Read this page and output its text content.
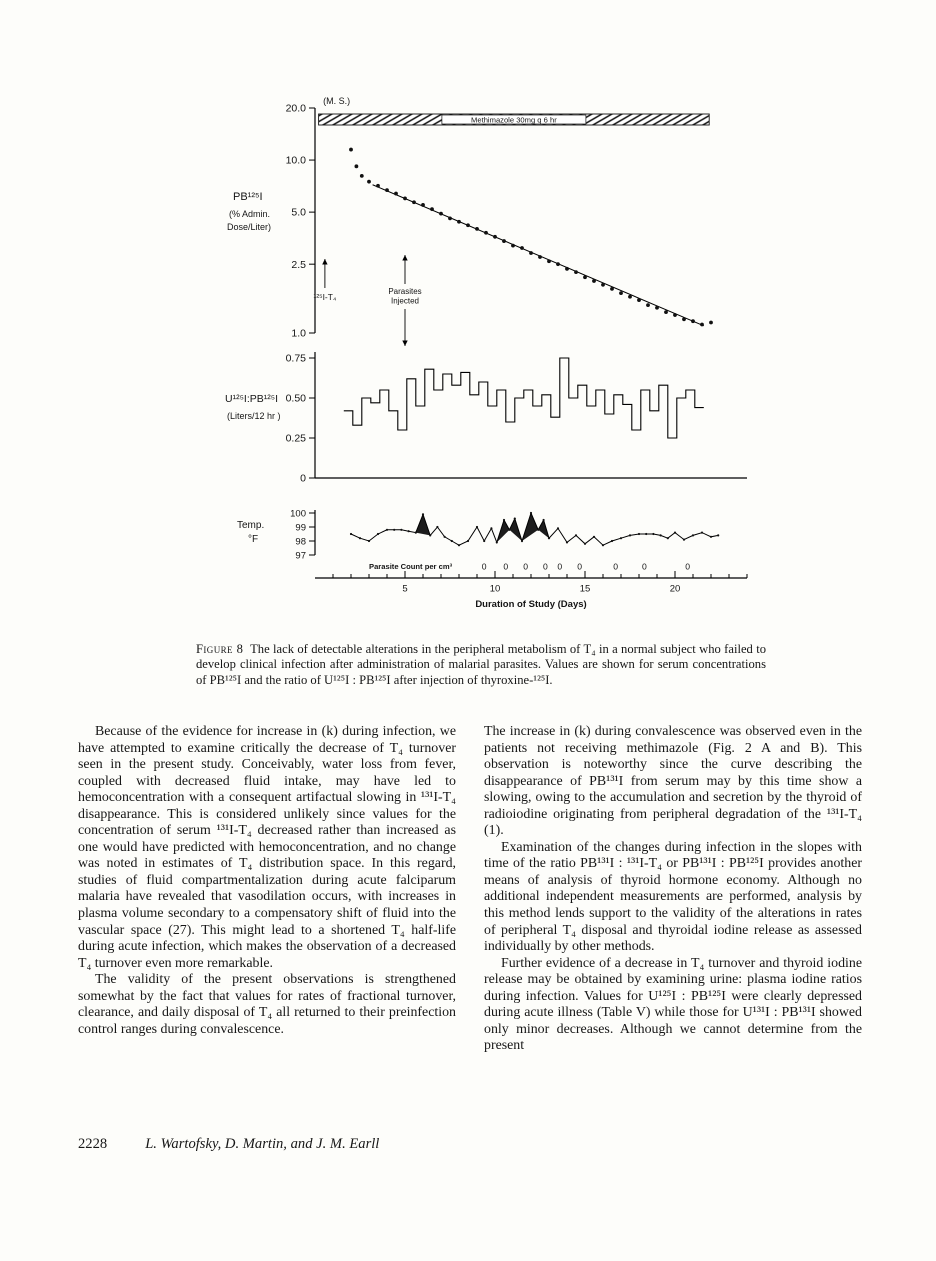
(M. S.)
Methimazole 30mg q 6 hr
20.0
10.0
5.0
2.5
1.0
PB¹²⁵I
(% Admin.
Dose/Liter)
¹²⁵I-T₄
Parasites
Injected
0.75
0.50
0.25
0
U¹²⁵I:PB¹²⁵I
(Liters/12 hr )
100
99
98
97
Temp.
°F
Parasite Count per cm³	0 0 0 0 0 0	0	0	0
5	10	15	20
Duration of Study (Days)
Figure 8 The lack of detectable alterations in the peripheral metabolism of T₄ in a normal subject who failed to develop clinical infection after administration of malarial parasites. Values are shown for serum concentrations of PB¹²⁵I and the ratio of U¹²⁵I : PB¹²⁵I after injection of thyroxine-¹²⁵I.

Because of the evidence for increase in (k) during infection, we have attempted to examine critically the decrease of T₄ turnover seen in the present study. Conceivably, water loss from fever, coupled with decreased fluid intake, may have led to hemoconcentration with a consequent artifactual slowing in ¹³¹I-T₄ disappearance. This is considered unlikely since values for the concentration of serum ¹³¹I-T₄ decreased rather than increased as one would have predicted with hemoconcentration, and no change was noted in estimates of T₄ distribution space. In this regard, studies of fluid compartmentalization during acute falciparum malaria have revealed that vasodilation occurs, with increases in plasma volume secondary to a compensatory shift of fluid into the vascular space (27). This might lead to a shortened T₄ half-life during acute infection, which makes the observation of a decreased T₄ turnover even more remarkable.

The validity of the present observations is strengthened somewhat by the fact that values for rates of fractional turnover, clearance, and daily disposal of T₄ all returned to their preinfection control ranges during convalescence.

The increase in (k) during convalescence was observed even in the patients not receiving methimazole (Fig. 2 A and B). This observation is noteworthy since the curve describing the disappearance of PB¹³¹I from serum may by this time show a slowing, owing to the accumulation and secretion by the thyroid of radioiodine originating from peripheral degradation of the ¹³¹I-T₄ (1).

Examination of the changes during infection in the slopes with time of the ratio PB¹³¹I : ¹³¹I-T₄ or PB¹³¹I : PB¹²⁵I provides another means of analysis of thyroid hormone economy. Although no additional independent measurements are performed, analysis by this method lends support to the validity of the alterations in rates of peripheral T₄ disposal and thyroidal iodine release as assessed individually by other methods.

Further evidence of a decrease in T₄ turnover and thyroid iodine release may be obtained by examining urine: plasma iodine ratios during infection. Values for U¹²⁵I : PB¹²⁵I were clearly depressed during acute illness (Table V) while those for U¹³¹I : PB¹³¹I showed only minor decreases. Although we cannot determine from the present

2228	L. Wartofsky, D. Martin, and J. M. Earll
